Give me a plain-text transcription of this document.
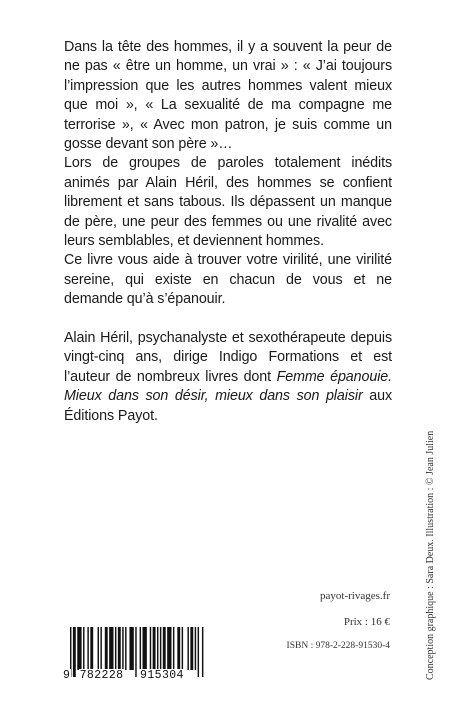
Dans la tête des hommes, il y a souvent la peur de ne pas « être un homme, un vrai » : « J’ai toujours l’impression que les autres hommes valent mieux que moi », « La sexualité de ma compagne me terrorise », « Avec mon patron, je suis comme un gosse devant son père »…

Lors de groupes de paroles totalement inédits animés par Alain Héril, des hommes se confient librement et sans tabous. Ils dépassent un manque de père, une peur des femmes ou une rivalité avec leurs semblables, et deviennent hommes.

Ce livre vous aide à trouver votre virilité, une virilité sereine, qui existe en chacun de vous et ne demande qu’à s’épanouir.

Alain Héril, psychanalyste et sexothérapeute depuis vingt-cinq ans, dirige Indigo Formations et est l’auteur de nombreux livres dont Femme épanouie. Mieux dans son désir, mieux dans son plaisir aux Éditions Payot.

Conception graphique : Sara Deux. Illustration : © Jean Julien
payot-rivages.fr
Prix : 16 €
ISBN : 978-2-228-91530-4
9 782228 915304
